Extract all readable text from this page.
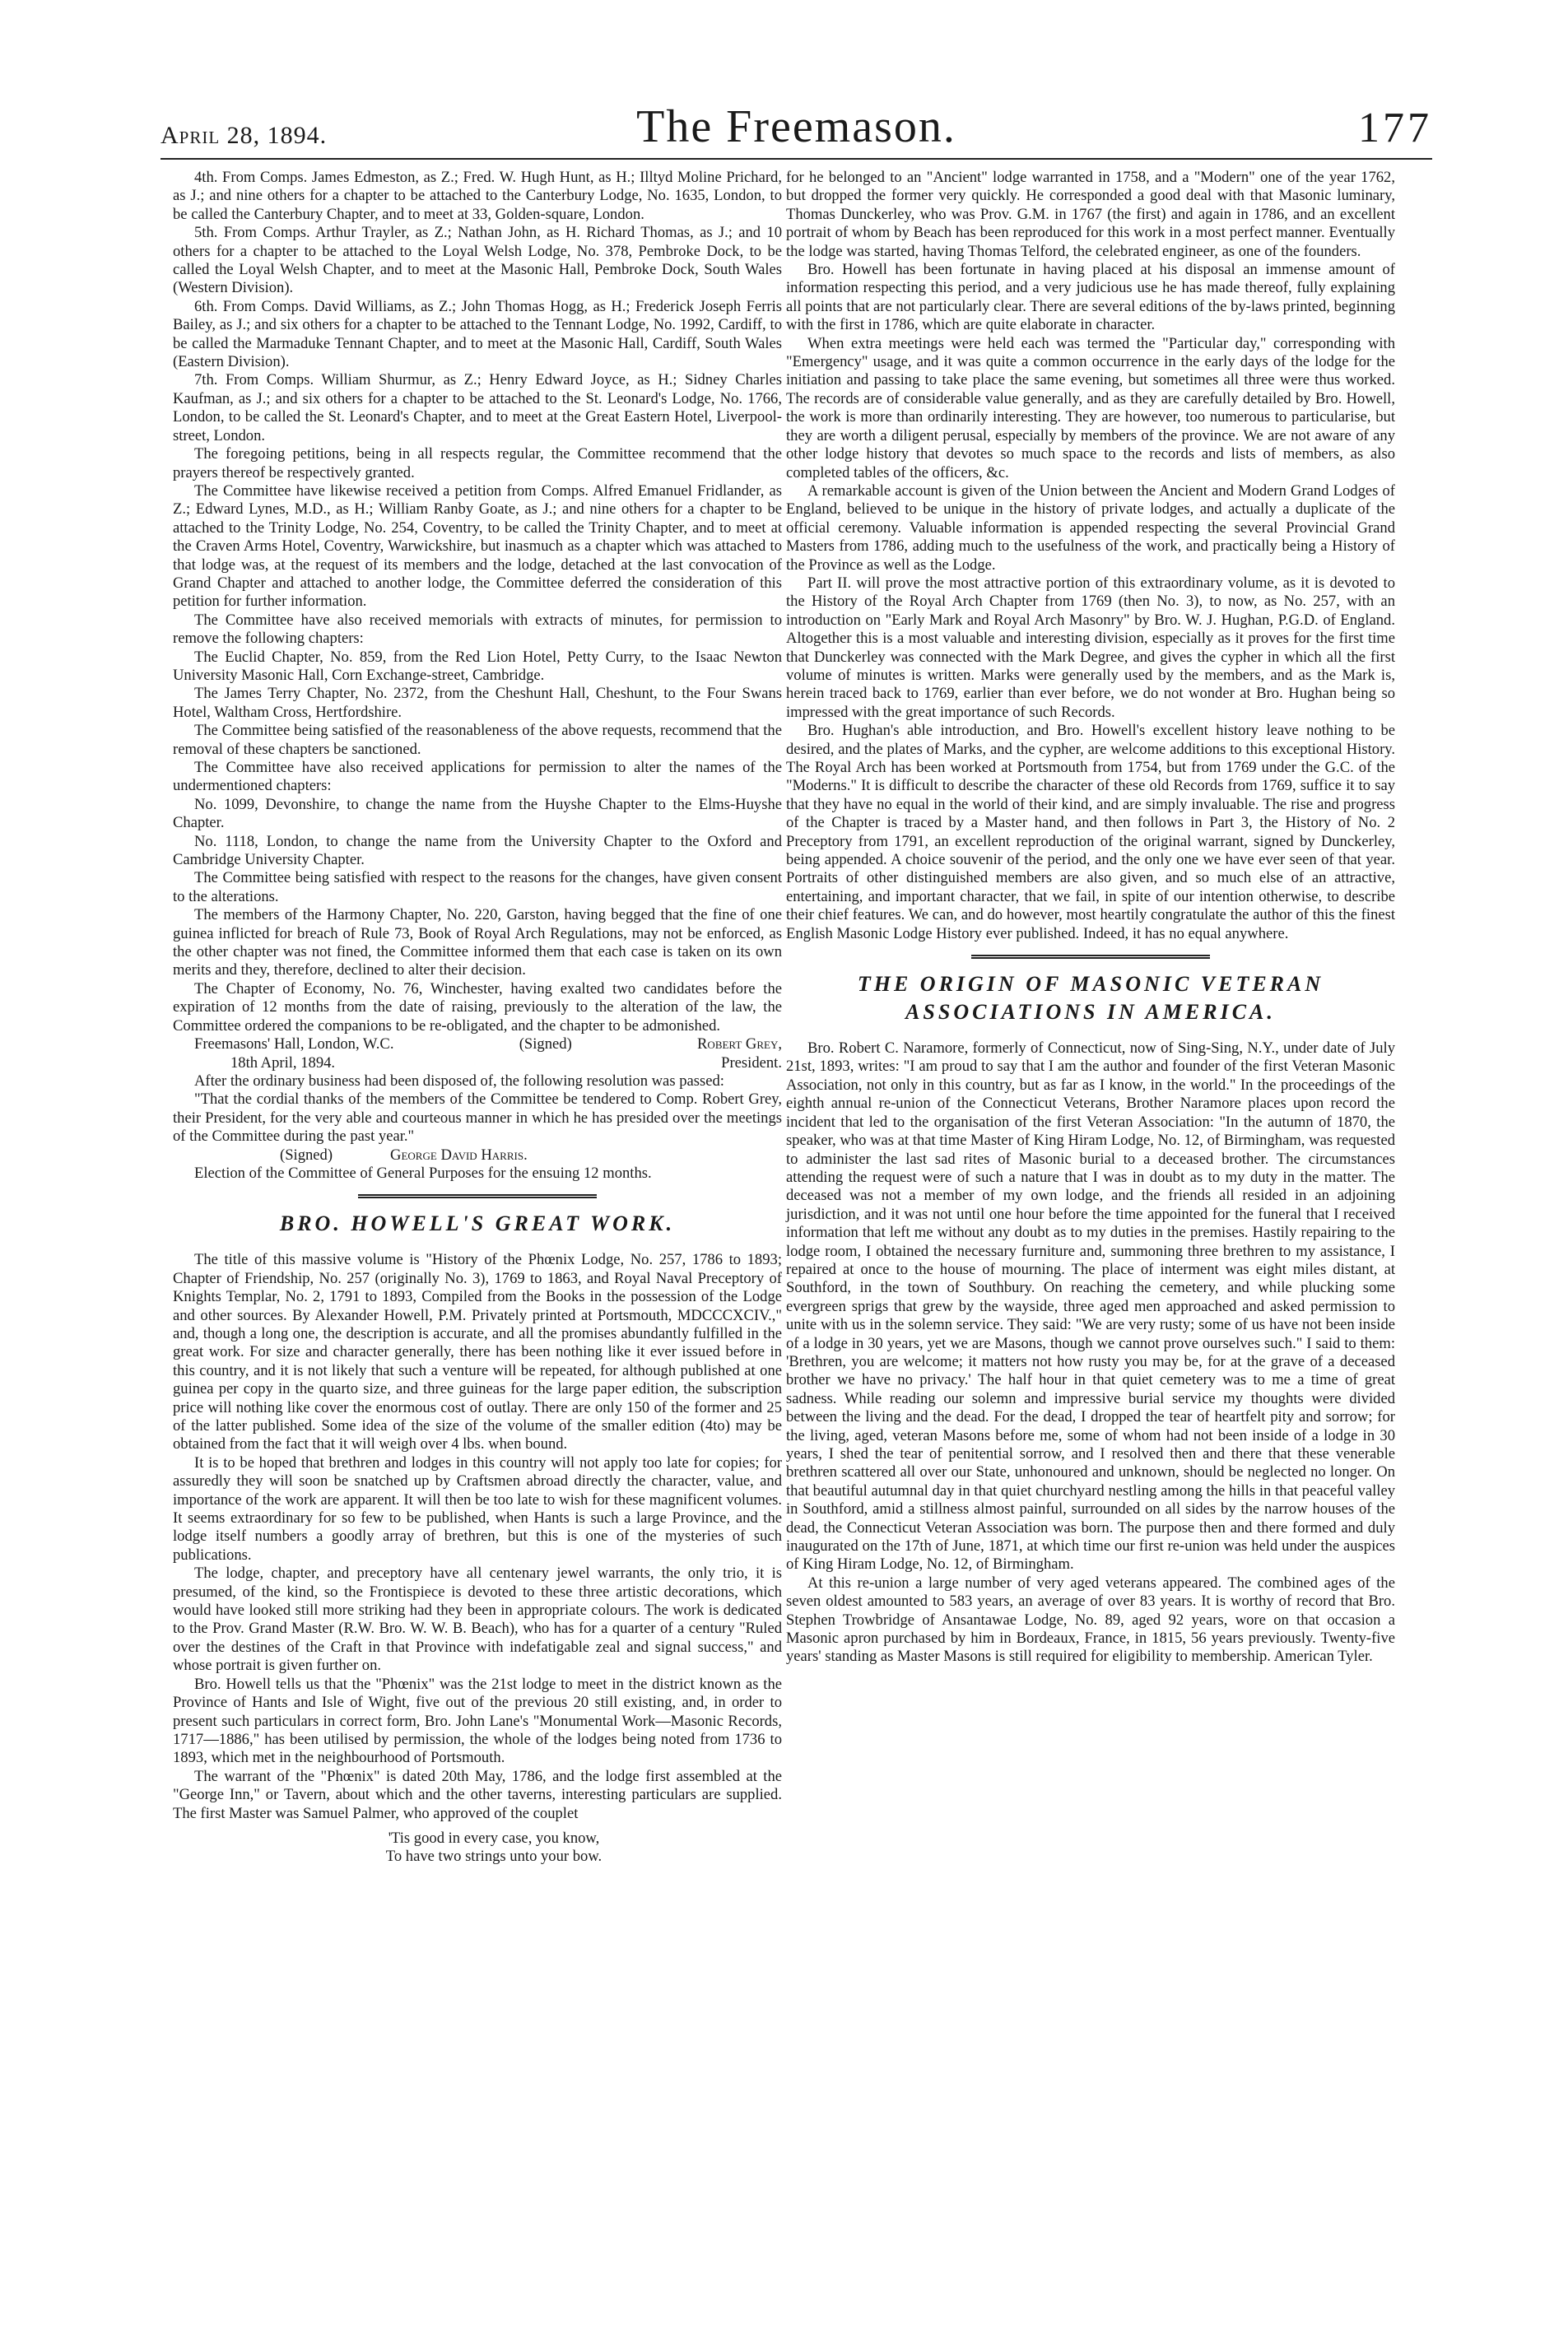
April 28, 1894.	The Freemason.	177

4th. From Comps. James Edmeston, as Z.; Fred. W. Hugh Hunt, as H.; Illtyd Moline Prichard, as J.; and nine others for a chapter to be attached to the Canterbury Lodge, No. 1635, London, to be called the Canterbury Chapter, and to meet at 33, Golden-square, London.

5th. From Comps. Arthur Trayler, as Z.; Nathan John, as H. Richard Thomas, as J.; and 10 others for a chapter to be attached to the Loyal Welsh Lodge, No. 378, Pembroke Dock, to be called the Loyal Welsh Chapter, and to meet at the Masonic Hall, Pembroke Dock, South Wales (Western Division).

6th. From Comps. David Williams, as Z.; John Thomas Hogg, as H.; Frederick Joseph Ferris Bailey, as J.; and six others for a chapter to be attached to the Tennant Lodge, No. 1992, Cardiff, to be called the Marmaduke Tennant Chapter, and to meet at the Masonic Hall, Cardiff, South Wales (Eastern Division).

7th. From Comps. William Shurmur, as Z.; Henry Edward Joyce, as H.; Sidney Charles Kaufman, as J.; and six others for a chapter to be attached to the St. Leonard's Lodge, No. 1766, London, to be called the St. Leonard's Chapter, and to meet at the Great Eastern Hotel, Liverpool-street, London.

The foregoing petitions, being in all respects regular, the Committee recommend that the prayers thereof be respectively granted.

The Committee have likewise received a petition from Comps. Alfred Emanuel Fridlander, as Z.; Edward Lynes, M.D., as H.; William Ranby Goate, as J.; and nine others for a chapter to be attached to the Trinity Lodge, No. 254, Coventry, to be called the Trinity Chapter, and to meet at the Craven Arms Hotel, Coventry, Warwickshire, but inasmuch as a chapter which was attached to that lodge was, at the request of its members and the lodge, detached at the last convocation of Grand Chapter and attached to another lodge, the Committee deferred the consideration of this petition for further information.

The Committee have also received memorials with extracts of minutes, for permission to remove the following chapters:

The Euclid Chapter, No. 859, from the Red Lion Hotel, Petty Curry, to the Isaac Newton University Masonic Hall, Corn Exchange-street, Cambridge.

The James Terry Chapter, No. 2372, from the Cheshunt Hall, Cheshunt, to the Four Swans Hotel, Waltham Cross, Hertfordshire.

The Committee being satisfied of the reasonableness of the above requests, recommend that the removal of these chapters be sanctioned.

The Committee have also received applications for permission to alter the names of the undermentioned chapters:

No. 1099, Devonshire, to change the name from the Huyshe Chapter to the Elms-Huyshe Chapter.

No. 1118, London, to change the name from the University Chapter to the Oxford and Cambridge University Chapter.

The Committee being satisfied with respect to the reasons for the changes, have given consent to the alterations.

The members of the Harmony Chapter, No. 220, Garston, having begged that the fine of one guinea inflicted for breach of Rule 73, Book of Royal Arch Regulations, may not be enforced, as the other chapter was not fined, the Committee informed them that each case is taken on its own merits and they, therefore, declined to alter their decision.

The Chapter of Economy, No. 76, Winchester, having exalted two candidates before the expiration of 12 months from the date of raising, previously to the alteration of the law, the Committee ordered the companions to be re-obligated, and the chapter to be admonished.

Freemasons' Hall, London, W.C.	(Signed)	Robert Grey,
18th April, 1894.	President.

After the ordinary business had been disposed of, the following resolution was passed:

"That the cordial thanks of the members of the Committee be tendered to Comp. Robert Grey, their President, for the very able and courteous manner in which he has presided over the meetings of the Committee during the past year."

(Signed)	George David Harris.

Election of the Committee of General Purposes for the ensuing 12 months.

BRO. HOWELL'S GREAT WORK.

The title of this massive volume is "History of the Phœnix Lodge, No. 257, 1786 to 1893; Chapter of Friendship, No. 257 (originally No. 3), 1769 to 1863, and Royal Naval Preceptory of Knights Templar, No. 2, 1791 to 1893, Compiled from the Books in the possession of the Lodge and other sources. By Alexander Howell, P.M. Privately printed at Portsmouth, MDCCCXCIV.," and, though a long one, the description is accurate, and all the promises abundantly fulfilled in the great work. For size and character generally, there has been nothing like it ever issued before in this country, and it is not likely that such a venture will be repeated, for although published at one guinea per copy in the quarto size, and three guineas for the large paper edition, the subscription price will nothing like cover the enormous cost of outlay. There are only 150 of the former and 25 of the latter published. Some idea of the size of the volume of the smaller edition (4to) may be obtained from the fact that it will weigh over 4 lbs. when bound.

It is to be hoped that brethren and lodges in this country will not apply too late for copies; for assuredly they will soon be snatched up by Craftsmen abroad directly the character, value, and importance of the work are apparent. It will then be too late to wish for these magnificent volumes. It seems extraordinary for so few to be published, when Hants is such a large Province, and the lodge itself numbers a goodly array of brethren, but this is one of the mysteries of such publications.

The lodge, chapter, and preceptory have all centenary jewel warrants, the only trio, it is presumed, of the kind, so the Frontispiece is devoted to these three artistic decorations, which would have looked still more striking had they been in appropriate colours. The work is dedicated to the Prov. Grand Master (R.W. Bro. W. W. B. Beach), who has for a quarter of a century "Ruled over the destines of the Craft in that Province with indefatigable zeal and signal success," and whose portrait is given further on.

Bro. Howell tells us that the "Phœnix" was the 21st lodge to meet in the district known as the Province of Hants and Isle of Wight, five out of the previous 20 still existing, and, in order to present such particulars in correct form, Bro. John Lane's "Monumental Work—Masonic Records, 1717—1886," has been utilised by permission, the whole of the lodges being noted from 1736 to 1893, which met in the neighbourhood of Portsmouth.

The warrant of the "Phœnix" is dated 20th May, 1786, and the lodge first assembled at the "George Inn," or Tavern, about which and the other taverns, interesting particulars are supplied. The first Master was Samuel Palmer, who approved of the couplet

'Tis good in every case, you know,
To have two strings unto your bow.

for he belonged to an "Ancient" lodge warranted in 1758, and a "Modern" one of the year 1762, but dropped the former very quickly. He corresponded a good deal with that Masonic luminary, Thomas Dunckerley, who was Prov. G.M. in 1767 (the first) and again in 1786, and an excellent portrait of whom by Beach has been reproduced for this work in a most perfect manner. Eventually the lodge was started, having Thomas Telford, the celebrated engineer, as one of the founders.

Bro. Howell has been fortunate in having placed at his disposal an immense amount of information respecting this period, and a very judicious use he has made thereof, fully explaining all points that are not particularly clear. There are several editions of the by-laws printed, beginning with the first in 1786, which are quite elaborate in character.

When extra meetings were held each was termed the "Particular day," corresponding with "Emergency" usage, and it was quite a common occurrence in the early days of the lodge for the initiation and passing to take place the same evening, but sometimes all three were thus worked. The records are of considerable value generally, and as they are carefully detailed by Bro. Howell, the work is more than ordinarily interesting. They are however, too numerous to particularise, but they are worth a diligent perusal, especially by members of the province. We are not aware of any other lodge history that devotes so much space to the records and lists of members, as also completed tables of the officers, &c.

A remarkable account is given of the Union between the Ancient and Modern Grand Lodges of England, believed to be unique in the history of private lodges, and actually a duplicate of the official ceremony. Valuable information is appended respecting the several Provincial Grand Masters from 1786, adding much to the usefulness of the work, and practically being a History of the Province as well as the Lodge.

Part II. will prove the most attractive portion of this extraordinary volume, as it is devoted to the History of the Royal Arch Chapter from 1769 (then No. 3), to now, as No. 257, with an introduction on "Early Mark and Royal Arch Masonry" by Bro. W. J. Hughan, P.G.D. of England. Altogether this is a most valuable and interesting division, especially as it proves for the first time that Dunckerley was connected with the Mark Degree, and gives the cypher in which all the first volume of minutes is written. Marks were generally used by the members, and as the Mark is, herein traced back to 1769, earlier than ever before, we do not wonder at Bro. Hughan being so impressed with the great importance of such Records.

Bro. Hughan's able introduction, and Bro. Howell's excellent history leave nothing to be desired, and the plates of Marks, and the cypher, are welcome additions to this exceptional History. The Royal Arch has been worked at Portsmouth from 1754, but from 1769 under the G.C. of the "Moderns." It is difficult to describe the character of these old Records from 1769, suffice it to say that they have no equal in the world of their kind, and are simply invaluable. The rise and progress of the Chapter is traced by a Master hand, and then follows in Part 3, the History of No. 2 Preceptory from 1791, an excellent reproduction of the original warrant, signed by Dunckerley, being appended. A choice souvenir of the period, and the only one we have ever seen of that year. Portraits of other distinguished members are also given, and so much else of an attractive, entertaining, and important character, that we fail, in spite of our intention otherwise, to describe their chief features. We can, and do however, most heartily congratulate the author of this the finest English Masonic Lodge History ever published. Indeed, it has no equal anywhere.

THE ORIGIN OF MASONIC VETERAN ASSOCIATIONS IN AMERICA.

Bro. Robert C. Naramore, formerly of Connecticut, now of Sing-Sing, N.Y., under date of July 21st, 1893, writes: "I am proud to say that I am the author and founder of the first Veteran Masonic Association, not only in this country, but as far as I know, in the world." In the proceedings of the eighth annual re-union of the Connecticut Veterans, Brother Naramore places upon record the incident that led to the organisation of the first Veteran Association: "In the autumn of 1870, the speaker, who was at that time Master of King Hiram Lodge, No. 12, of Birmingham, was requested to administer the last sad rites of Masonic burial to a deceased brother. The circumstances attending the request were of such a nature that I was in doubt as to my duty in the matter. The deceased was not a member of my own lodge, and the friends all resided in an adjoining jurisdiction, and it was not until one hour before the time appointed for the funeral that I received information that left me without any doubt as to my duties in the premises. Hastily repairing to the lodge room, I obtained the necessary furniture and, summoning three brethren to my assistance, I repaired at once to the house of mourning. The place of interment was eight miles distant, at Southford, in the town of Southbury. On reaching the cemetery, and while plucking some evergreen sprigs that grew by the wayside, three aged men approached and asked permission to unite with us in the solemn service. They said: "We are very rusty; some of us have not been inside of a lodge in 30 years, yet we are Masons, though we cannot prove ourselves such." I said to them: 'Brethren, you are welcome; it matters not how rusty you may be, for at the grave of a deceased brother we have no privacy.' The half hour in that quiet cemetery was to me a time of great sadness. While reading our solemn and impressive burial service my thoughts were divided between the living and the dead. For the dead, I dropped the tear of heartfelt pity and sorrow; for the living, aged, veteran Masons before me, some of whom had not been inside of a lodge in 30 years, I shed the tear of penitential sorrow, and I resolved then and there that these venerable brethren scattered all over our State, unhonoured and unknown, should be neglected no longer. On that beautiful autumnal day in that quiet churchyard nestling among the hills in that peaceful valley in Southford, amid a stillness almost painful, surrounded on all sides by the narrow houses of the dead, the Connecticut Veteran Association was born. The purpose then and there formed and duly inaugurated on the 17th of June, 1871, at which time our first re-union was held under the auspices of King Hiram Lodge, No. 12, of Birmingham.

At this re-union a large number of very aged veterans appeared. The combined ages of the seven oldest amounted to 583 years, an average of over 83 years. It is worthy of record that Bro. Stephen Trowbridge of Ansantawae Lodge, No. 89, aged 92 years, wore on that occasion a Masonic apron purchased by him in Bordeaux, France, in 1815, 56 years previously. Twenty-five years' standing as Master Masons is still required for eligibility to membership. American Tyler.
